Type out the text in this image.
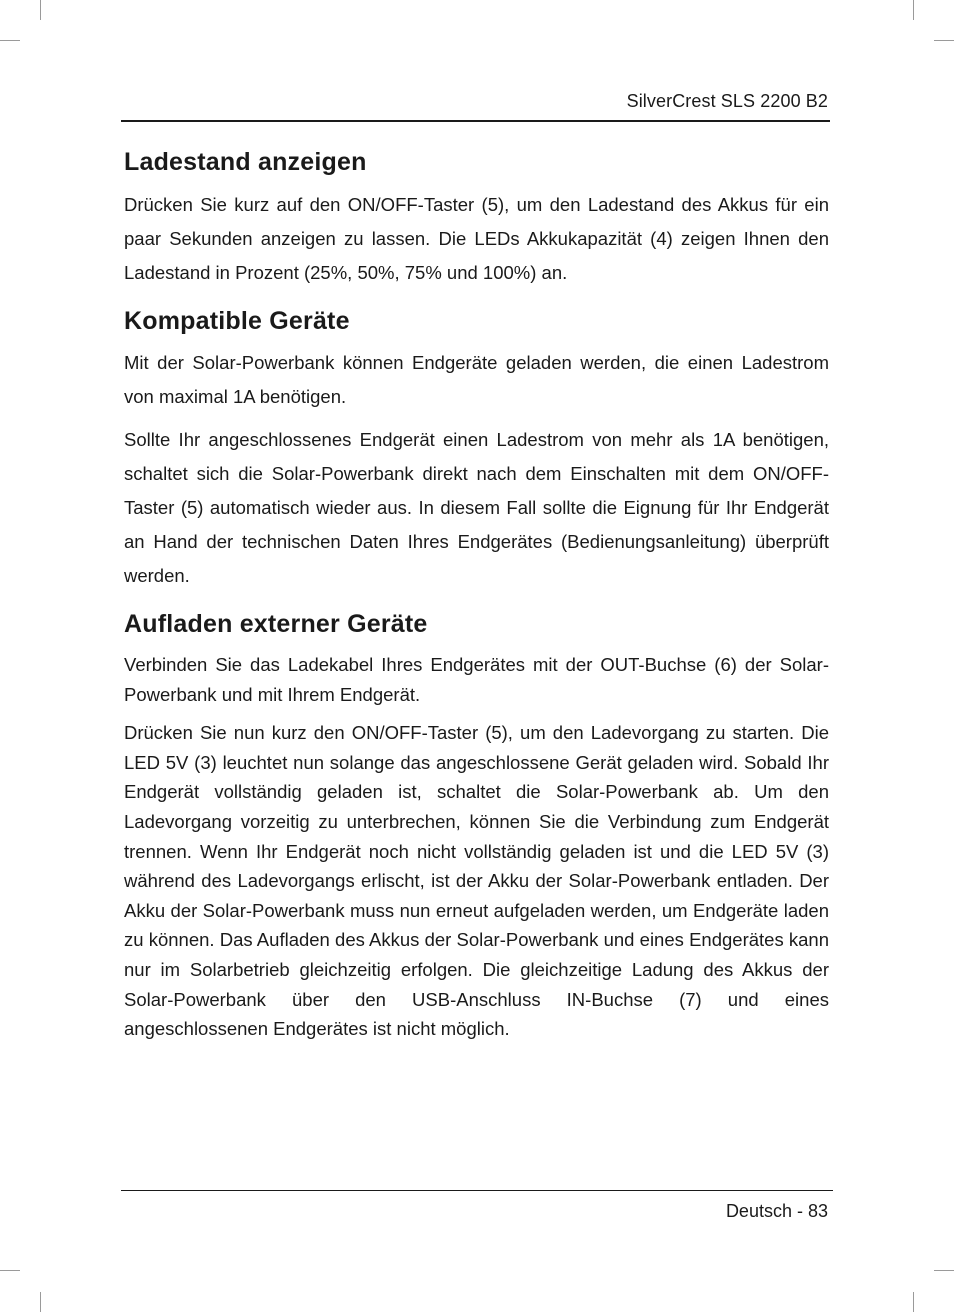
SilverCrest SLS 2200 B2
Ladestand anzeigen

Drücken Sie kurz auf den ON/OFF-Taster (5), um den Ladestand des Akkus für ein paar Sekunden anzeigen zu lassen. Die LEDs Akkukapazität (4) zeigen Ihnen den Ladestand in Prozent (25%, 50%, 75% und 100%) an.

Kompatible Geräte

Mit der Solar-Powerbank können Endgeräte geladen werden, die einen Ladestrom von maximal 1A benötigen.

Sollte Ihr angeschlossenes Endgerät einen Ladestrom von mehr als 1A benötigen, schaltet sich die Solar-Powerbank direkt nach dem Einschalten mit dem ON/OFF-Taster (5) automatisch wieder aus. In diesem Fall sollte die Eignung für Ihr Endgerät an Hand der technischen Daten Ihres Endgerätes (Bedienungsanleitung) überprüft werden.

Aufladen externer Geräte

Verbinden Sie das Ladekabel Ihres Endgerätes mit der OUT-Buchse (6) der Solar-Powerbank und mit Ihrem Endgerät.

Drücken Sie nun kurz den ON/OFF-Taster (5), um den Ladevorgang zu starten. Die LED 5V (3) leuchtet nun solange das angeschlossene Gerät geladen wird. Sobald Ihr Endgerät vollständig geladen ist, schaltet die Solar-Powerbank ab. Um den Ladevorgang vorzeitig zu unterbrechen, können Sie die Verbindung zum Endgerät trennen. Wenn Ihr Endgerät noch nicht vollständig geladen ist und die LED 5V (3) während des Ladevorgangs erlischt, ist der Akku der Solar-Powerbank entladen. Der Akku der Solar-Powerbank muss nun erneut aufgeladen werden, um Endgeräte laden zu können. Das Aufladen des Akkus der Solar-Powerbank und eines Endgerätes kann nur im Solarbetrieb gleichzeitig erfolgen. Die gleichzeitige Ladung des Akkus der Solar-Powerbank über den USB-Anschluss IN-Buchse (7) und eines angeschlossenen Endgerätes ist nicht möglich.

Deutsch - 83
